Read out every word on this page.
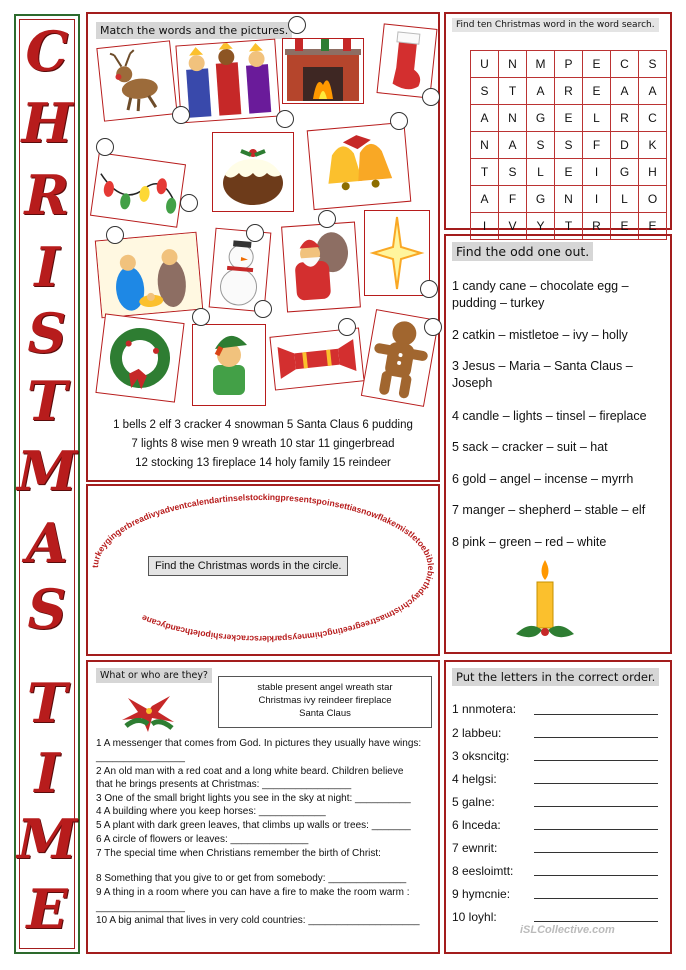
C
H
R
I
S
T
M
A
S
T
I
M
E
Match the words and the pictures.
1 bells 2 elf 3 cracker 4 snowman 5 Santa Claus 6 pudding
7 lights 8 wise men 9 wreath 10 star 11 gingerbread
12 stocking 13 fireplace 14 holy family 15 reindeer
Find ten Christmas word in the word search.
U	N	M	P	E	C	S
S	T	A	R	E	A	A
A	N	G	E	L	R	C
N	A	S	S	F	D	K
T	S	L	E	I	G	H
A	F	G	N	I	L	O
I	V	Y	T	R	E	E
Find the odd one out.
1 candy cane – chocolate egg – pudding – turkey
2 catkin – mistletoe – ivy – holly
3 Jesus – Maria – Santa Claus – Joseph
4 candle – lights – tinsel – fireplace
5 sack – cracker – suit – hat
6 gold – angel – incense – myrrh
7 manger – shepherd – stable – elf
8 pink – green – red – white
turkeygingerbreadivyadventcalendartinselstockingpresentspoinsettiasnowflakemistletoebiblebirthdaychristmastreegreetingchimneysparklerscrackershipolethcandycane
Find the Christmas words in the circle.
What or who are they?
stable present angel wreath star
Christmas ivy reindeer fireplace
Santa Claus
1 A messenger that comes from God. In pictures they usually have wings:
________________
2 An old man with a red coat and a long white beard. Children believe
that he brings presents at Christmas: ________________
3 One of the small bright lights you see in the sky at night: __________
4 A building where you keep horses: ____________
5 A plant with dark green leaves, that climbs up walls or trees: _______
6 A circle of flowers or leaves: ______________
7 The special time when Christians remember the birth of Christ:
8 Something that you give to or get from somebody: ______________
9 A thing in a room where you can have a fire to make the room warm :
________________
10 A big animal that lives in very cold countries: ____________________
Put the letters in the correct order.
1 nnmotera:
2 labbeu:
3 oksncitg:
4 helgsi:
5 galne:
6 lnceda:
7 ewnrit:
8 eesloimtt:
9 hymcnie:
10 loyhl:
iSLCollective.com
